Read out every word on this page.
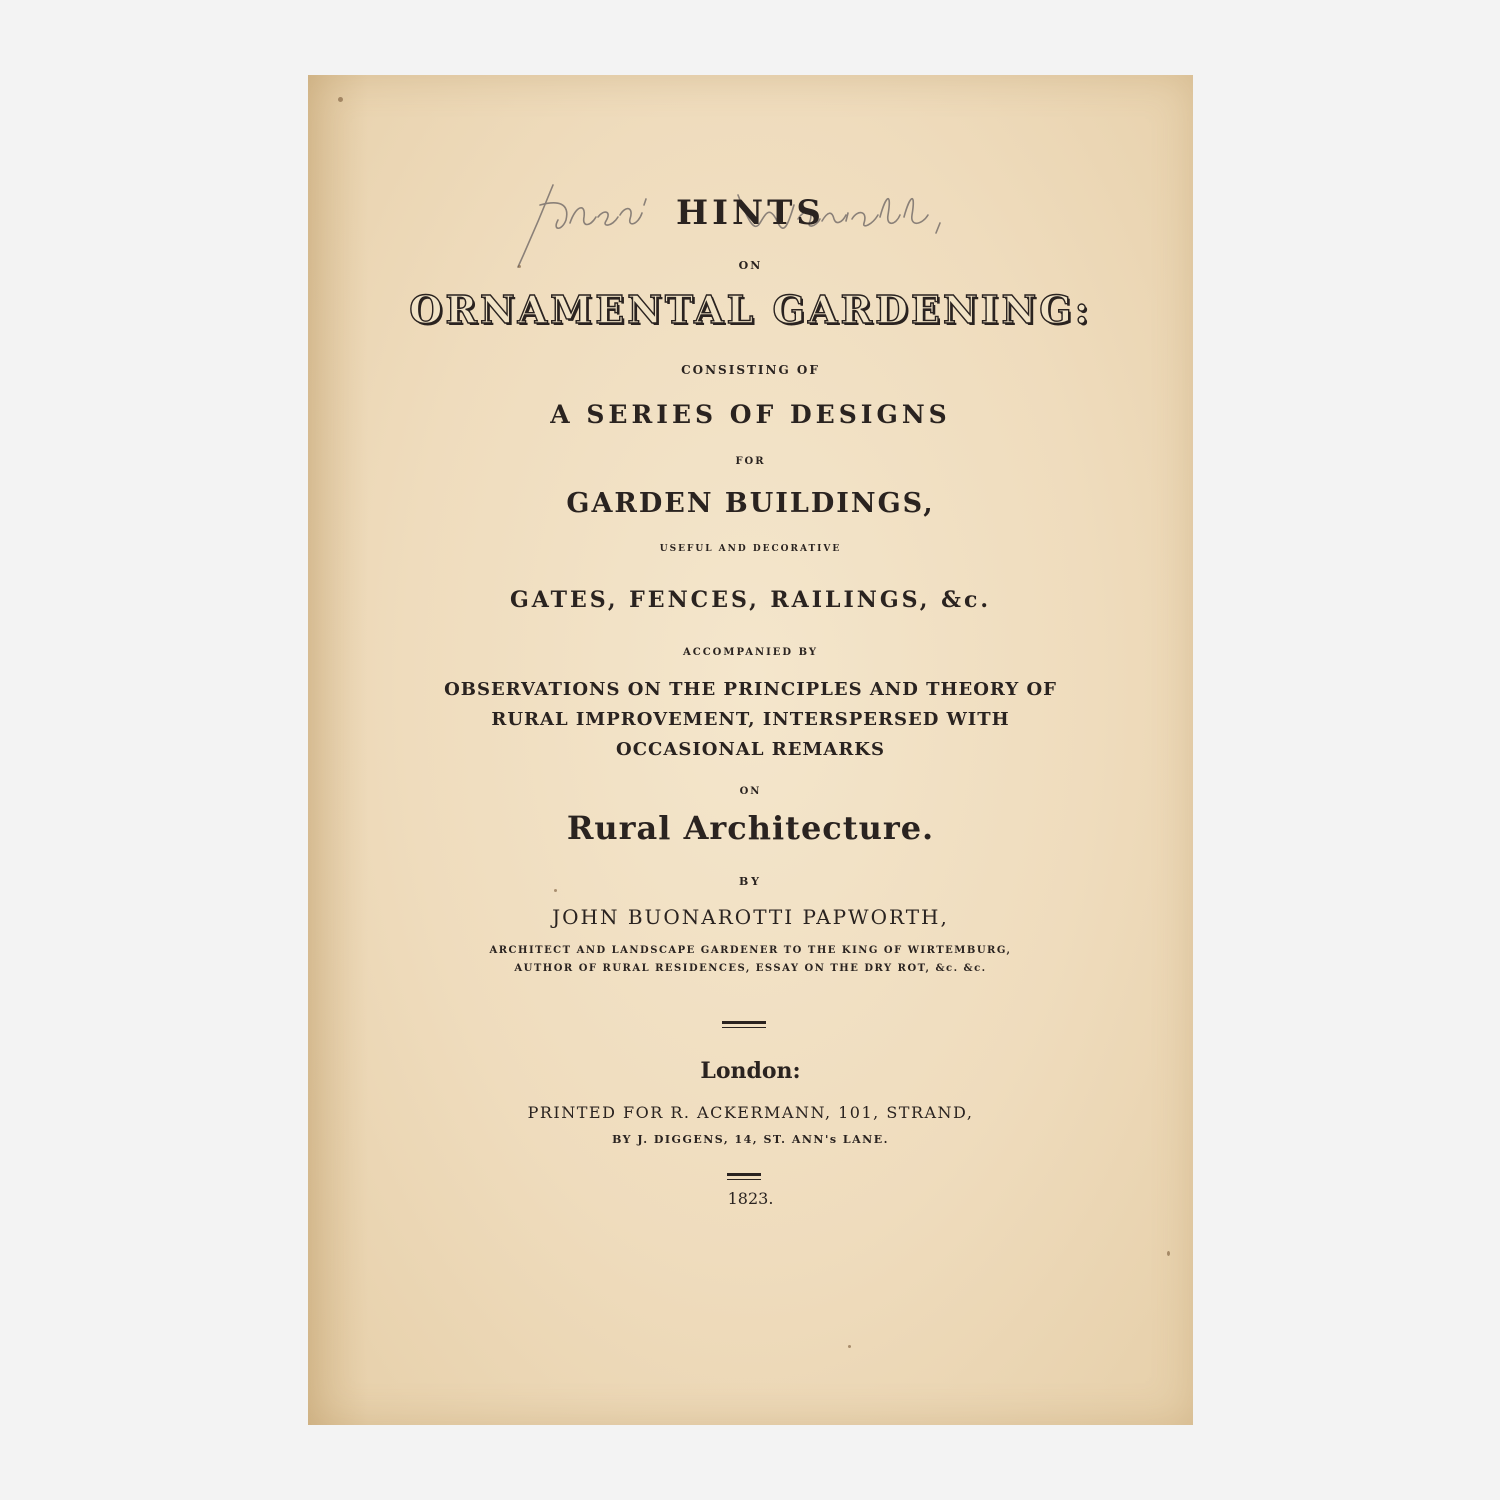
HINTS
ON
ORNAMENTAL GARDENING:
CONSISTING OF
A SERIES OF DESIGNS
FOR
GARDEN BUILDINGS,
USEFUL AND DECORATIVE
GATES, FENCES, RAILINGS, &c.
ACCOMPANIED BY
OBSERVATIONS ON THE PRINCIPLES AND THEORY OF
RURAL IMPROVEMENT, INTERSPERSED WITH
OCCASIONAL REMARKS
ON
Rural Architecture.
BY
JOHN BUONAROTTI PAPWORTH,
ARCHITECT AND LANDSCAPE GARDENER TO THE KING OF WIRTEMBURG,
AUTHOR OF RURAL RESIDENCES, ESSAY ON THE DRY ROT, &c. &c.
London:
PRINTED FOR R. ACKERMANN, 101, STRAND,
BY J. DIGGENS, 14, ST. ANN's LANE.
1823.
